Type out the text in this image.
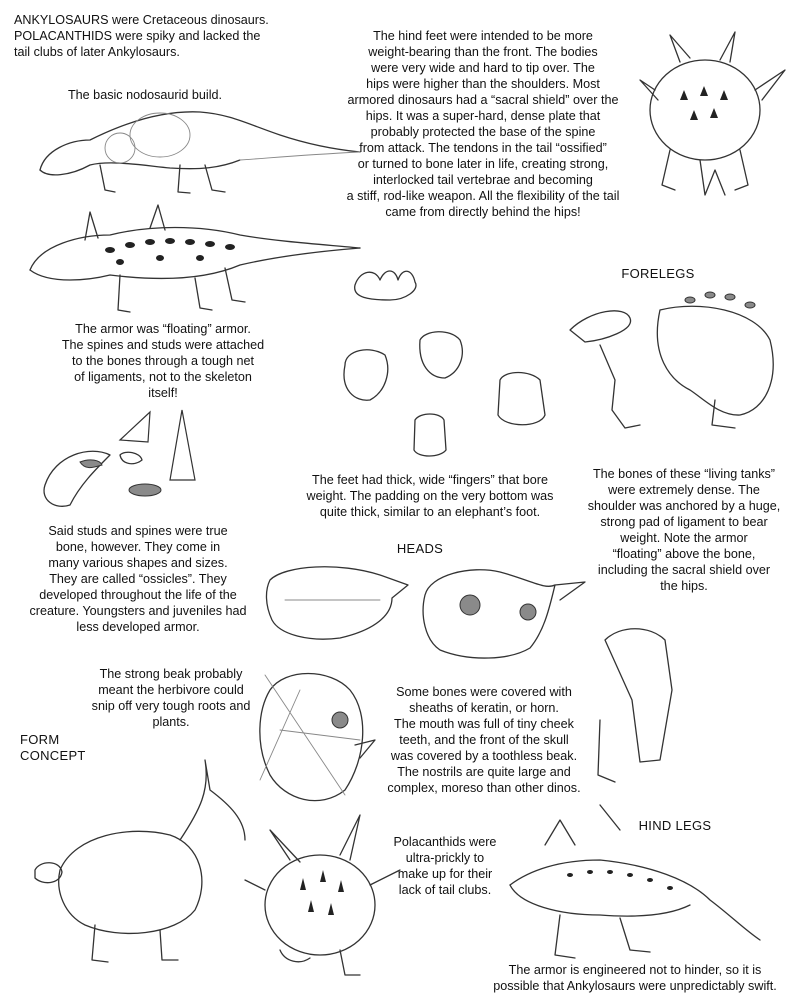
ANKYLOSAURS were Cretaceous dinosaurs.
POLACANTHIDS were spiky and lacked the
tail clubs of later Ankylosaurs.

The basic nodosaurid build.

The hind feet were intended to be more
weight-bearing than the front. The bodies
were very wide and hard to tip over. The
hips were higher than the shoulders. Most
armored dinosaurs had a “sacral shield” over the
hips. It was a super-hard, dense plate that
probably protected the base of the spine
from attack. The tendons in the tail “ossified”
or turned to bone later in life, creating strong,
interlocked tail vertebrae and becoming
a stiff, rod-like weapon. All the flexibility of the tail
came from directly behind the hips!

FORELEGS

The armor was “floating” armor.
The spines and studs were attached
to the bones through a tough net
of ligaments, not to the skeleton
itself!

The feet had thick, wide “fingers” that bore
weight. The padding on the very bottom was
quite thick, similar to an elephant’s foot.

The bones of these “living tanks”
were extremely dense. The
shoulder was anchored by a huge,
strong pad of ligament to bear
weight. Note the armor
“floating” above the bone,
including the sacral shield over
the hips.

Said studs and spines were true
bone, however. They come in
many various shapes and sizes.
They are called “ossicles”. They
developed throughout the life of the
creature. Youngsters and juveniles had
less developed armor.

HEADS

The strong beak probably
meant the herbivore could
snip off very tough roots and
plants.

Some bones were covered with
sheaths of keratin, or horn.
The mouth was full of tiny cheek
teeth, and the front of the skull
was covered by a toothless beak.
The nostrils are quite large and
complex, moreso than other dinos.

FORM
CONCEPT

Polacanthids were
ultra-prickly to
make up for their
lack of tail clubs.

HIND LEGS

The armor is engineered not to hinder, so it is
possible that Ankylosaurs were unpredictably swift.
